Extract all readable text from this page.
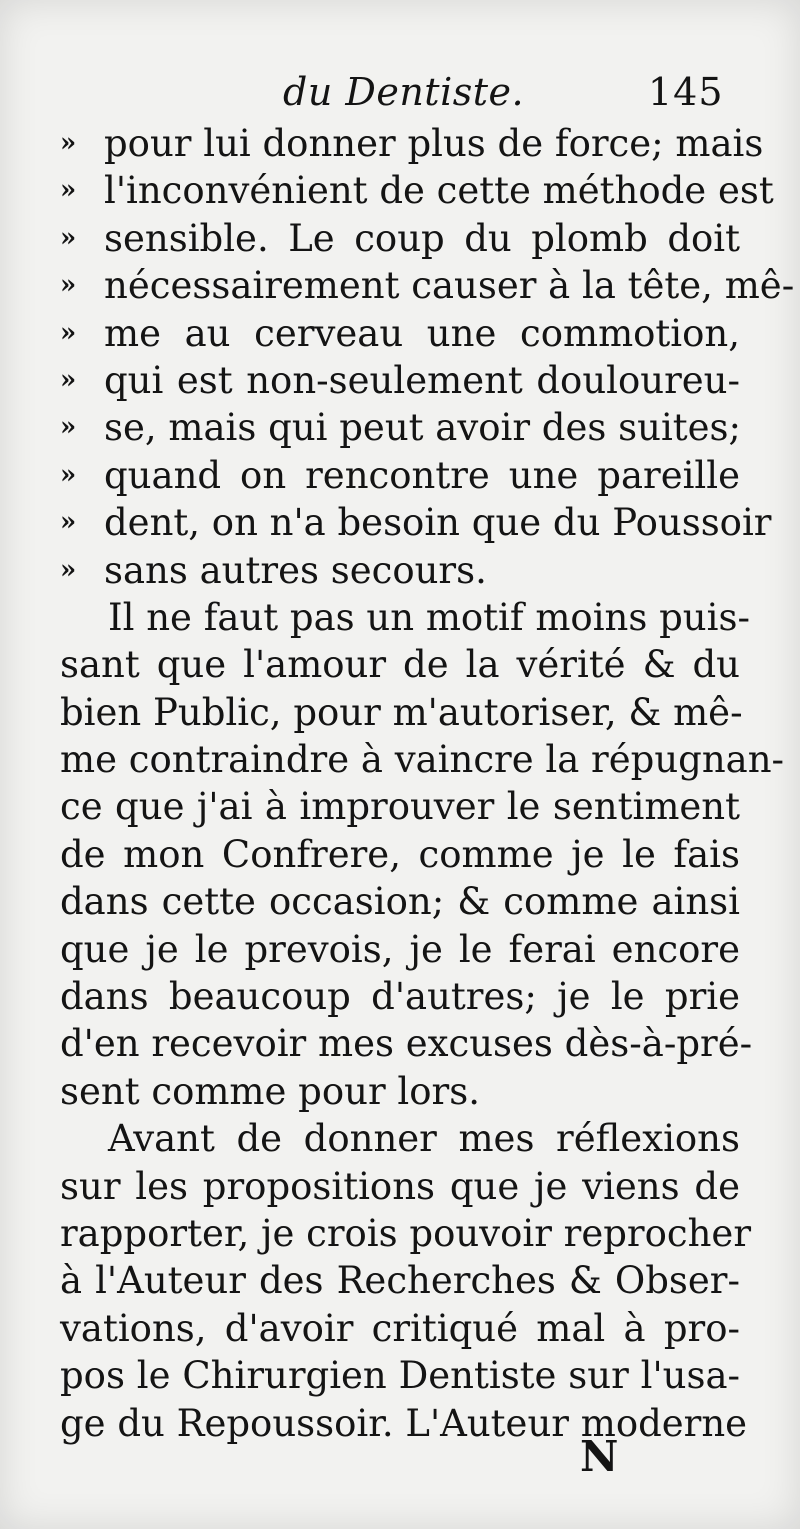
du Dentiste.	145
» pour lui donner plus de force; mais
» l'inconvénient de cette méthode est
» sensible. Le coup du plomb doit
» nécessairement causer à la tête, mê-
» me au cerveau une commotion,
» qui est non-seulement douloureu-
» se, mais qui peut avoir des suites;
» quand on rencontre une pareille
» dent, on n'a besoin que du Poussoir
» sans autres secours.
Il ne faut pas un motif moins puis-
sant que l'amour de la vérité & du
bien Public, pour m'autoriser, & mê-
me contraindre à vaincre la répugnan-
ce que j'ai à improuver le sentiment
de mon Confrere, comme je le fais
dans cette occasion; & comme ainsi
que je le prevois, je le ferai encore
dans beaucoup d'autres; je le prie
d'en recevoir mes excuses dès-à-pré-
sent comme pour lors.
Avant de donner mes réflexions
sur les propositions que je viens de
rapporter, je crois pouvoir reprocher
à l'Auteur des Recherches & Obser-
vations, d'avoir critiqué mal à pro-
pos le Chirurgien Dentiste sur l'usa-
ge du Repoussoir. L'Auteur moderne
N
